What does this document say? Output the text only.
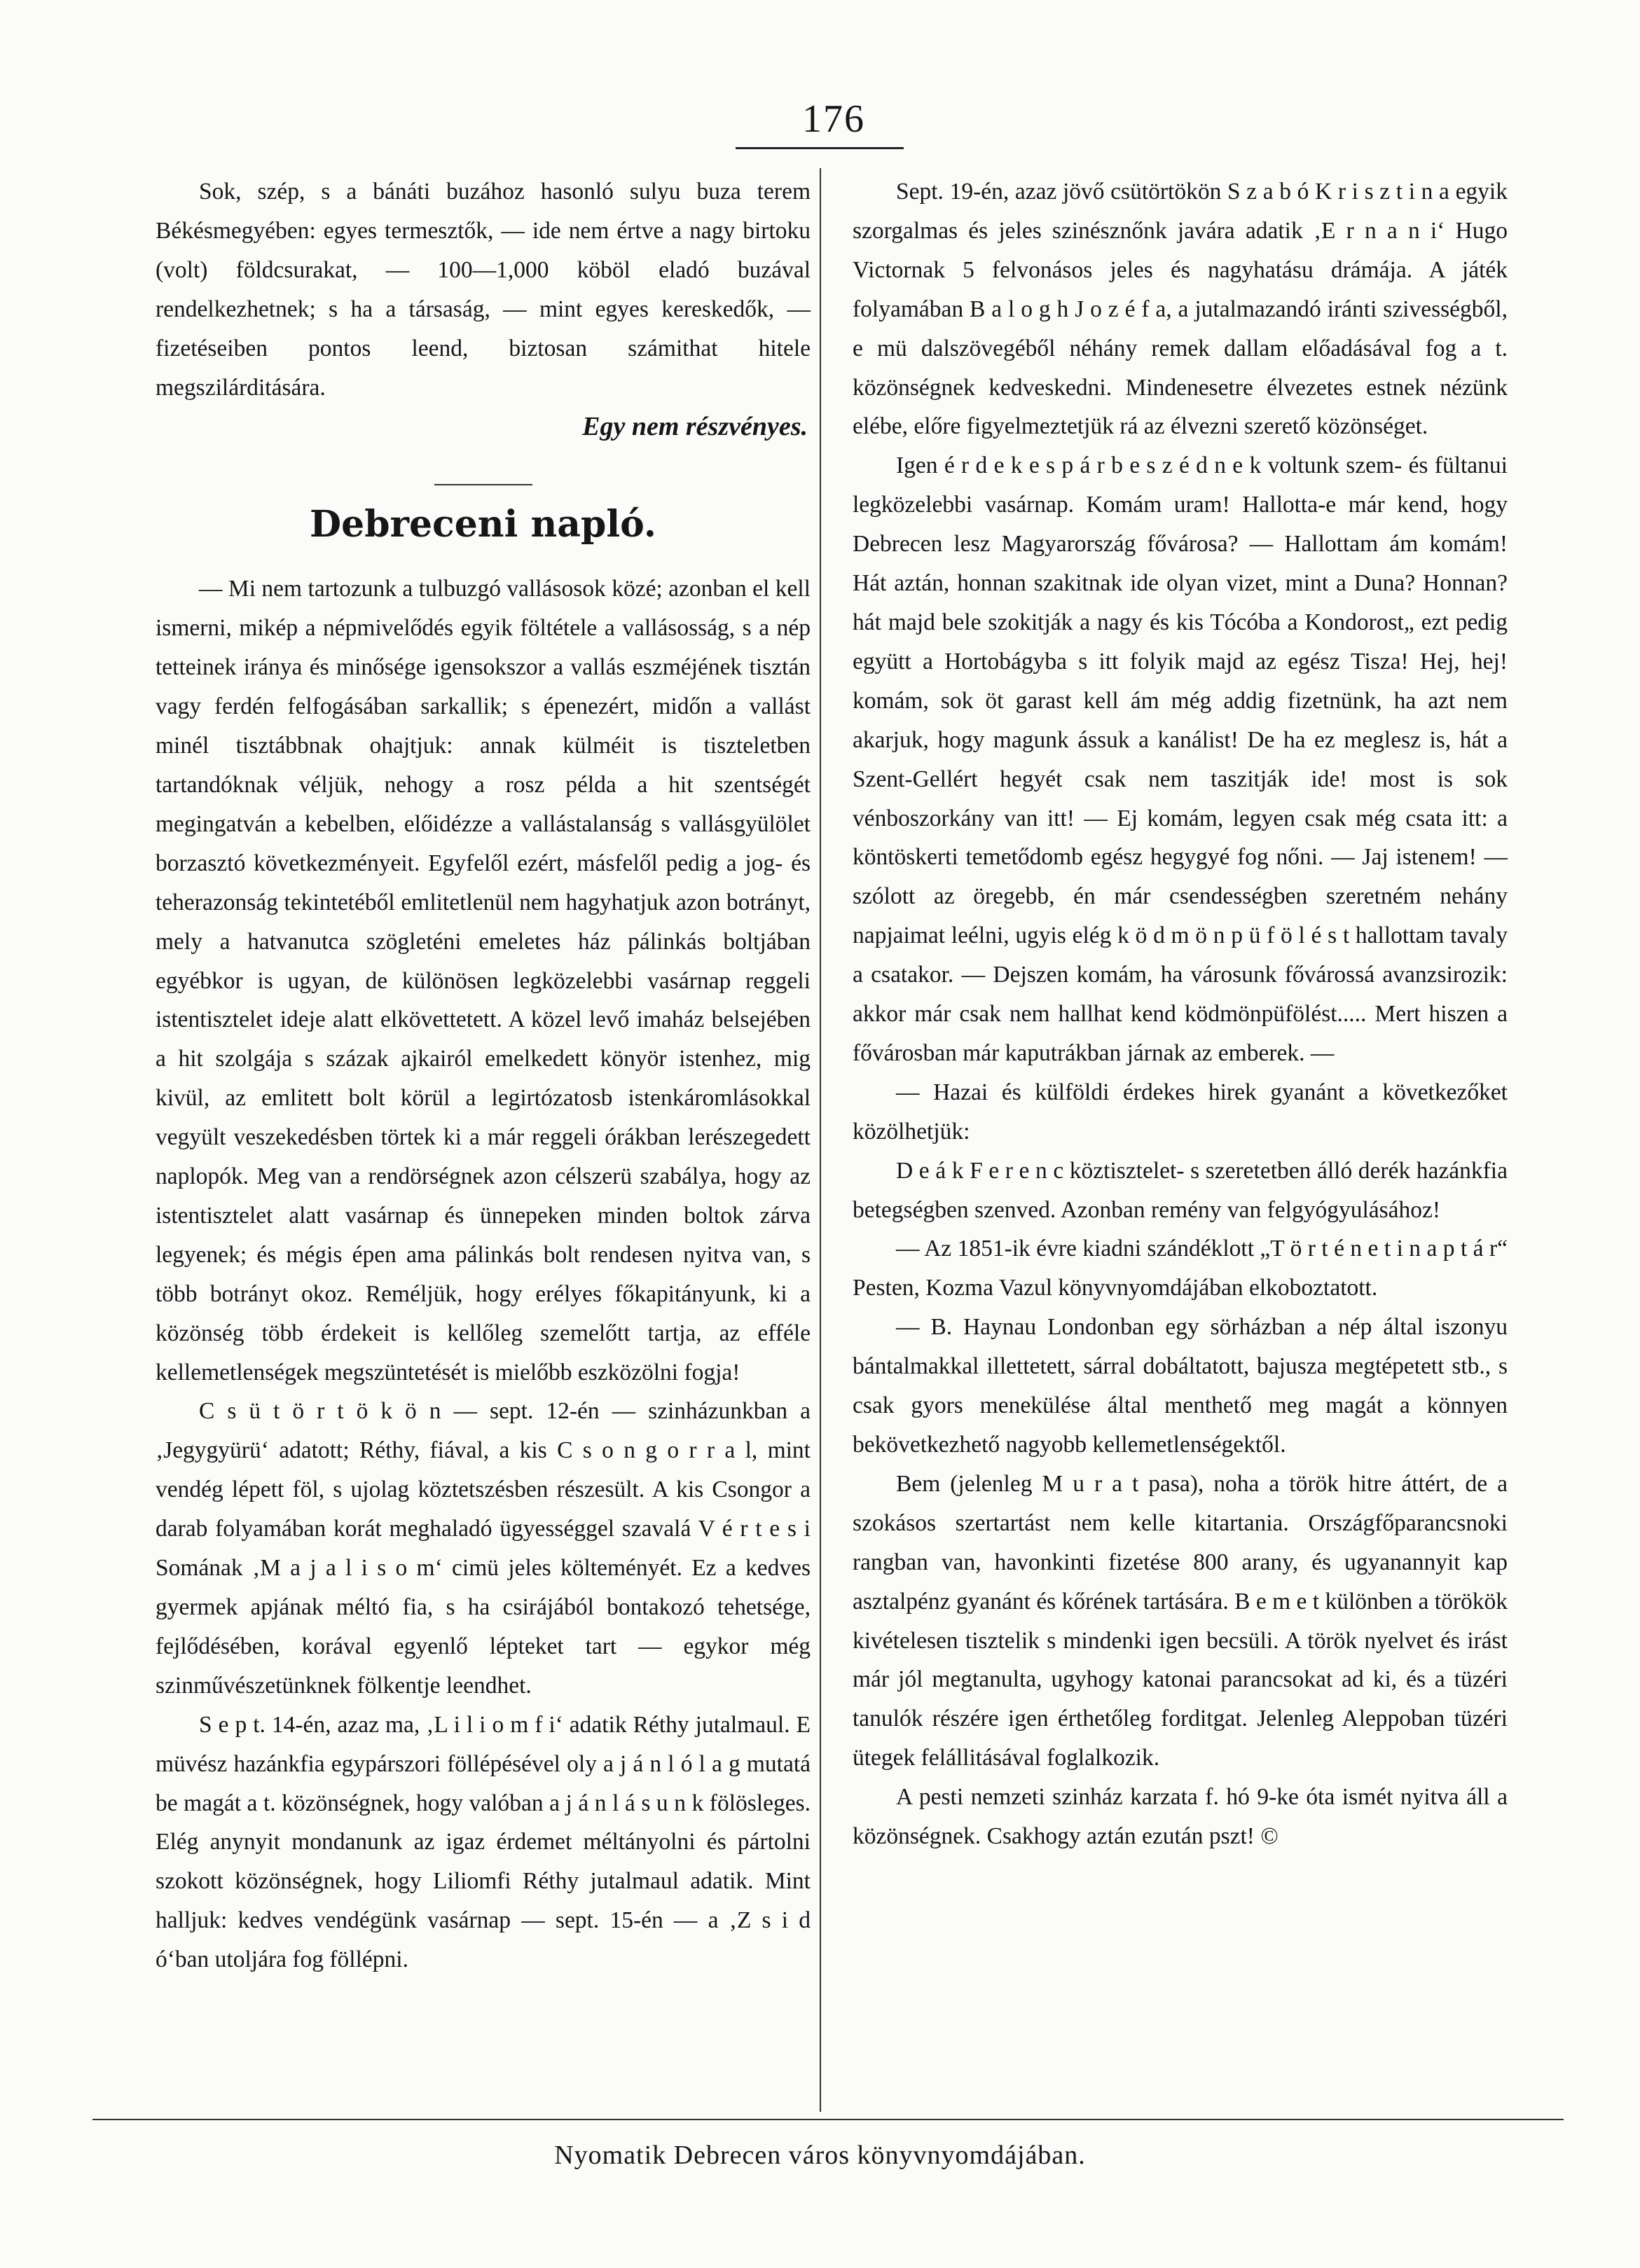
176

Sok, szép, s a bánáti buzához hasonló sulyu buza terem Békésmegyében: egyes termesztők, — ide nem értve a nagy birtoku (volt) földcsurakat, — 100—1,000 köböl eladó buzával rendelkezhetnek; s ha a társaság, — mint egyes kereskedők, — fizetéseiben pontos leend, biztosan számithat hitele megszilárditására.

Egy nem részvényes.

Debreceni napló.

— Mi nem tartozunk a tulbuzgó vallásosok közé; azonban el kell ismerni, mikép a népmivelődés egyik föltétele a vallásosság, s a nép tetteinek iránya és minősége igensokszor a vallás eszméjének tisztán vagy ferdén felfogásában sarkallik; s épenezért, midőn a vallást minél tisztábbnak ohajtjuk: annak külméit is tiszteletben tartandóknak véljük, nehogy a rosz példa a hit szentségét megingatván a kebelben, előidézze a vallástalanság s vallásgyülölet borzasztó következményeit. Egyfelől ezért, másfelől pedig a jog- és teherazonság tekintetéből emlitetlenül nem hagyhatjuk azon botrányt, mely a hatvanutca szögleténi emeletes ház pálinkás boltjában egyébkor is ugyan, de különösen legközelebbi vasárnap reggeli istentisztelet ideje alatt elkövettetett. A közel levő imaház belsejében a hit szolgája s százak ajkairól emelkedett könyör istenhez, mig kivül, az emlitett bolt körül a legirtózatosb istenkáromlásokkal vegyült veszekedésben törtek ki a már reggeli órákban lerészegedett naplopók. Meg van a rendörségnek azon célszerü szabálya, hogy az istentisztelet alatt vasárnap és ünnepeken minden boltok zárva legyenek; és mégis épen ama pálinkás bolt rendesen nyitva van, s több botrányt okoz. Reméljük, hogy erélyes főkapitányunk, ki a közönség több érdekeit is kellőleg szemelőtt tartja, az efféle kellemetlenségek megszüntetését is mielőbb eszközölni fogja!

C s ü t ö r t ö k ö n — sept. 12-én — szinházunkban a ‚Jegygyürü‘ adatott; Réthy, fiával, a kis C s o n g o r r a l, mint vendég lépett föl, s ujolag köztetszésben részesült. A kis Csongor a darab folyamában korát meghaladó ügyességgel szavalá V é r t e s i Somának ‚M a j a l i s o m‘ cimü jeles költeményét. Ez a kedves gyermek apjának méltó fia, s ha csirájából bontakozó tehetsége, fejlődésében, korával egyenlő lépteket tart — egykor még szinművészetünknek fölkentje leendhet.

S e p t. 14-én, azaz ma, ‚L i l i o m f i‘ adatik Réthy jutalmaul. E müvész hazánkfia egypárszori föllépésével oly a j á n l ó l a g mutatá be magát a t. közönségnek, hogy valóban a j á n l á s u n k fölösleges. Elég anynyit mondanunk az igaz érdemet méltányolni és pártolni szokott közönségnek, hogy Liliomfi Réthy jutalmaul adatik. Mint halljuk: kedves vendégünk vasárnap — sept. 15-én — a ‚Z s i d ó‘ban utoljára fog föllépni.

Sept. 19-én, azaz jövő csütörtökön S z a b ó K r i s z t i n a egyik szorgalmas és jeles szinésznőnk javára adatik ‚E r n a n i‘ Hugo Victornak 5 felvonásos jeles és nagyhatásu drámája. A játék folyamában B a l o g h J o z é f a, a jutalmazandó iránti szivességből, e mü dalszövegéből néhány remek dallam előadásával fog a t. közönségnek kedveskedni. Mindenesetre élvezetes estnek nézünk elébe, előre figyelmeztetjük rá az élvezni szerető közönséget.

Igen é r d e k e s p á r b e s z é d n e k voltunk szem- és fültanui legközelebbi vasárnap. Komám uram! Hallotta-e már kend, hogy Debrecen lesz Magyarország fővárosa? — Hallottam ám komám! Hát aztán, honnan szakitnak ide olyan vizet, mint a Duna? Honnan? hát majd bele szokitják a nagy és kis Tócóba a Kondorost„ ezt pedig együtt a Hortobágyba s itt folyik majd az egész Tisza! Hej, hej! komám, sok öt garast kell ám még addig fizetnünk, ha azt nem akarjuk, hogy magunk ássuk a kanálist! De ha ez meglesz is, hát a Szent-Gellért hegyét csak nem taszitják ide! most is sok vénboszorkány van itt! — Ej komám, legyen csak még csata itt: a köntöskerti temetődomb egész hegygyé fog nőni. — Jaj istenem! — szólott az öregebb, én már csendességben szeretném nehány napjaimat leélni, ugyis elég k ö d m ö n p ü f ö l é s t hallottam tavaly a csatakor. — Dejszen komám, ha városunk fővárossá avanzsirozik: akkor már csak nem hallhat kend ködmönpüfölést..... Mert hiszen a fővárosban már kaputrákban járnak az emberek. —

— Hazai és külföldi érdekes hirek gyanánt a következőket közölhetjük:

D e á k F e r e n c köztisztelet- s szeretetben álló derék hazánkfia betegségben szenved. Azonban remény van felgyógyulásához!

— Az 1851-ik évre kiadni szándéklott „T ö r t é n e t i n a p t á r“ Pesten, Kozma Vazul könyvnyomdájában elkoboztatott.

— B. Haynau Londonban egy sörházban a nép által iszonyu bántalmakkal illettetett, sárral dobáltatott, bajusza megtépetett stb., s csak gyors menekülése által menthető meg magát a könnyen bekövetkezhető nagyobb kellemetlenségektől.

Bem (jelenleg M u r a t pasa), noha a török hitre áttért, de a szokásos szertartást nem kelle kitartania. Országfőparancsnoki rangban van, havonkinti fizetése 800 arany, és ugyanannyit kap asztalpénz gyanánt és kőrének tartására. B e m e t különben a törökök kivételesen tisztelik s mindenki igen becsüli. A török nyelvet és irást már jól megtanulta, ugyhogy katonai parancsokat ad ki, és a tüzéri tanulók részére igen érthetőleg forditgat. Jelenleg Aleppoban tüzéri ütegek felállitásával foglalkozik.

A pesti nemzeti szinház karzata f. hó 9-ke óta ismét nyitva áll a közönségnek. Csakhogy aztán ezután pszt! ©

Nyomatik Debrecen város könyvnyomdájában.
